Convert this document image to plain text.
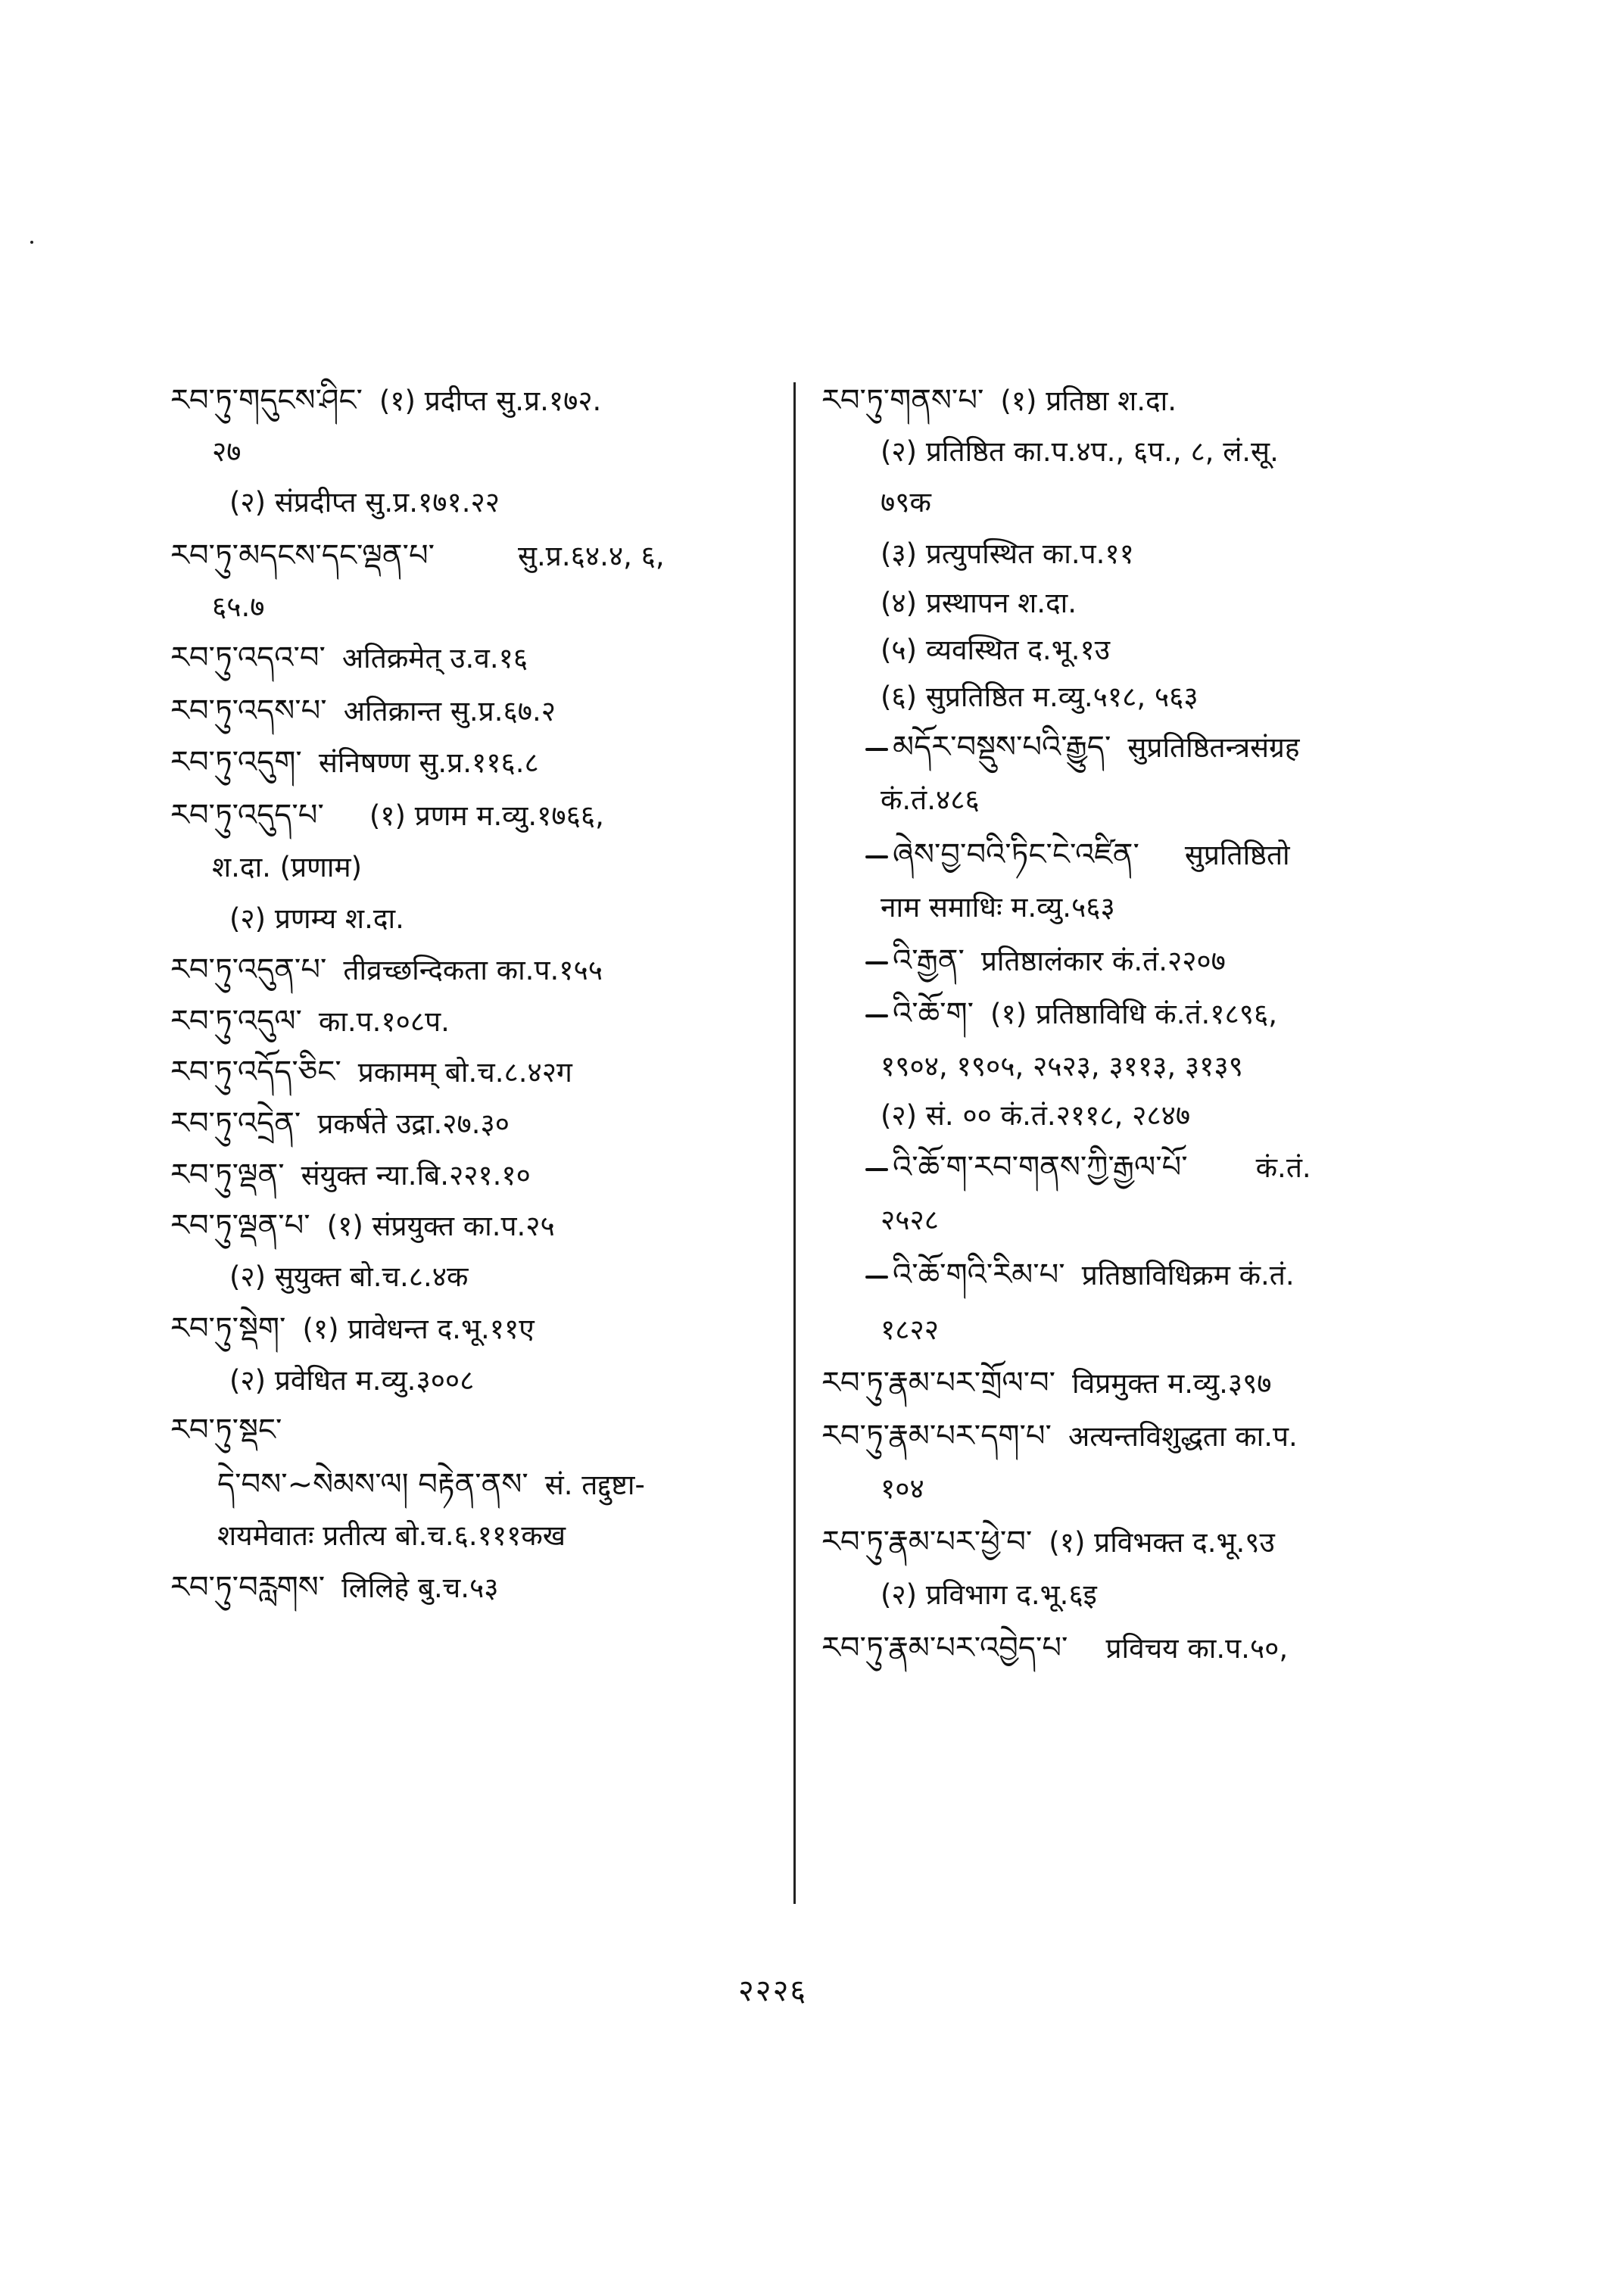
རབ་ཏུ་གདུངས་ཤིང་ (१) प्रदीप्त सु.प्र.१७२.
२७
(२) संप्रदीप्त सु.प्र.१७१.२२
རབ་ཏུ་མདངས་དང་ལྡན་པ་	सु.प्र.६४.४, ६,
६५.७
རབ་ཏུ་འདའ་བ་ अतिक्रमेत् उ.व.१६
རབ་ཏུ་འདས་པ་ अतिक्रान्त सु.प्र.६७.२
རབ་ཏུ་འདུག་ संनिषण्ण सु.प्र.११६.८
རབ་ཏུ་འདུད་པ་ (१) प्रणम म.व्यु.१७६६,
श.दा. (प्रणाम)
(२) प्रणम्य श.दा.
རབ་ཏུ་འདུན་པ་ तीव्रच्छन्दिकता का.प.१५५
རབ་ཏུ་འདུལ་ का.प.१०८प.
རབ་ཏུ་འདོད་ཅིང་ प्रकामम् बो.च.८.४२ग
རབ་ཏུ་འདྲེན་ प्रकर्षते उद्रा.२७.३०
རབ་ཏུ་ལྡན་ संयुक्त न्या.बि.२२१.१०
རབ་ཏུ་ལྡན་པ་ (१) संप्रयुक्त का.प.२५
(२) सुयुक्त बो.च.८.४क
རབ་ཏུ་སྡེག་ (१) प्रावेधन्त द.भू.११ए
(२) प्रवेधित म.व्यु.३००८
རབ་ཏུ་སྡང་
དེ་བས་~སེམས་ལ། བརྟེན་ནས་ सं. तद्दुष्टा-
शयमेवातः प्रतीत्य बो.च.६.१११कख
རབ་ཏུ་བརླགས་ लिलिहे बु.च.५३
རབ་ཏུ་གནས་པ་ (१) प्रतिष्ठा श.दा.
(२) प्रतिष्ठित का.प.४प., ६प., ८, लं.सू.
७९क
(३) प्रत्युपस्थित का.प.११
(४) प्रस्थापन श.दा.
(५) व्यवस्थित द.भू.१उ
(६) सुप्रतिष्ठित म.व्यु.५१८, ५६३
མདོར་བསྡུས་པའི་རྒྱུད་ सुप्रतिष्ठितन्त्रसंग्रह
कं.तं.४८६
ཞེས་བྱ་བའི་ཏིང་ངེ་འཛིན་ सुप्रतिष्ठितो
नाम समाधिः म.व्यु.५६३
འི་རྒྱན་ प्रतिष्ठालंकार कं.तं.२२०७
འི་ཆོ་ག་ (१) प्रतिष्ठाविधि कं.तं.१८९६,
१९०४, १९०५, २५२३, ३११३, ३१३९
(२) सं. ०० कं.तं.२११८, २८४७
འི་ཆོ་ག་རབ་གནས་ཀྱི་རྒྱལ་པོ་ कं.तं.
२५२८
འི་ཆོ་གའི་རིམ་པ་ प्रतिष्ठाविधिक्रम कं.तं.
१८२२
རབ་ཏུ་རྣམ་པར་གྲོལ་བ་ विप्रमुक्त म.व्यु.३९७
རབ་ཏུ་རྣམ་པར་དག་པ་ अत्यन्तविशुद्धता का.प.
१०४
རབ་ཏུ་རྣམ་པར་ཕྱེ་བ་ (१) प्रविभक्त द.भू.९उ
(२) प्रविभाग द.भू.६इ
རབ་ཏུ་རྣམ་པར་འབྱེད་པ་ प्रविचय का.प.५०,
२२२६
